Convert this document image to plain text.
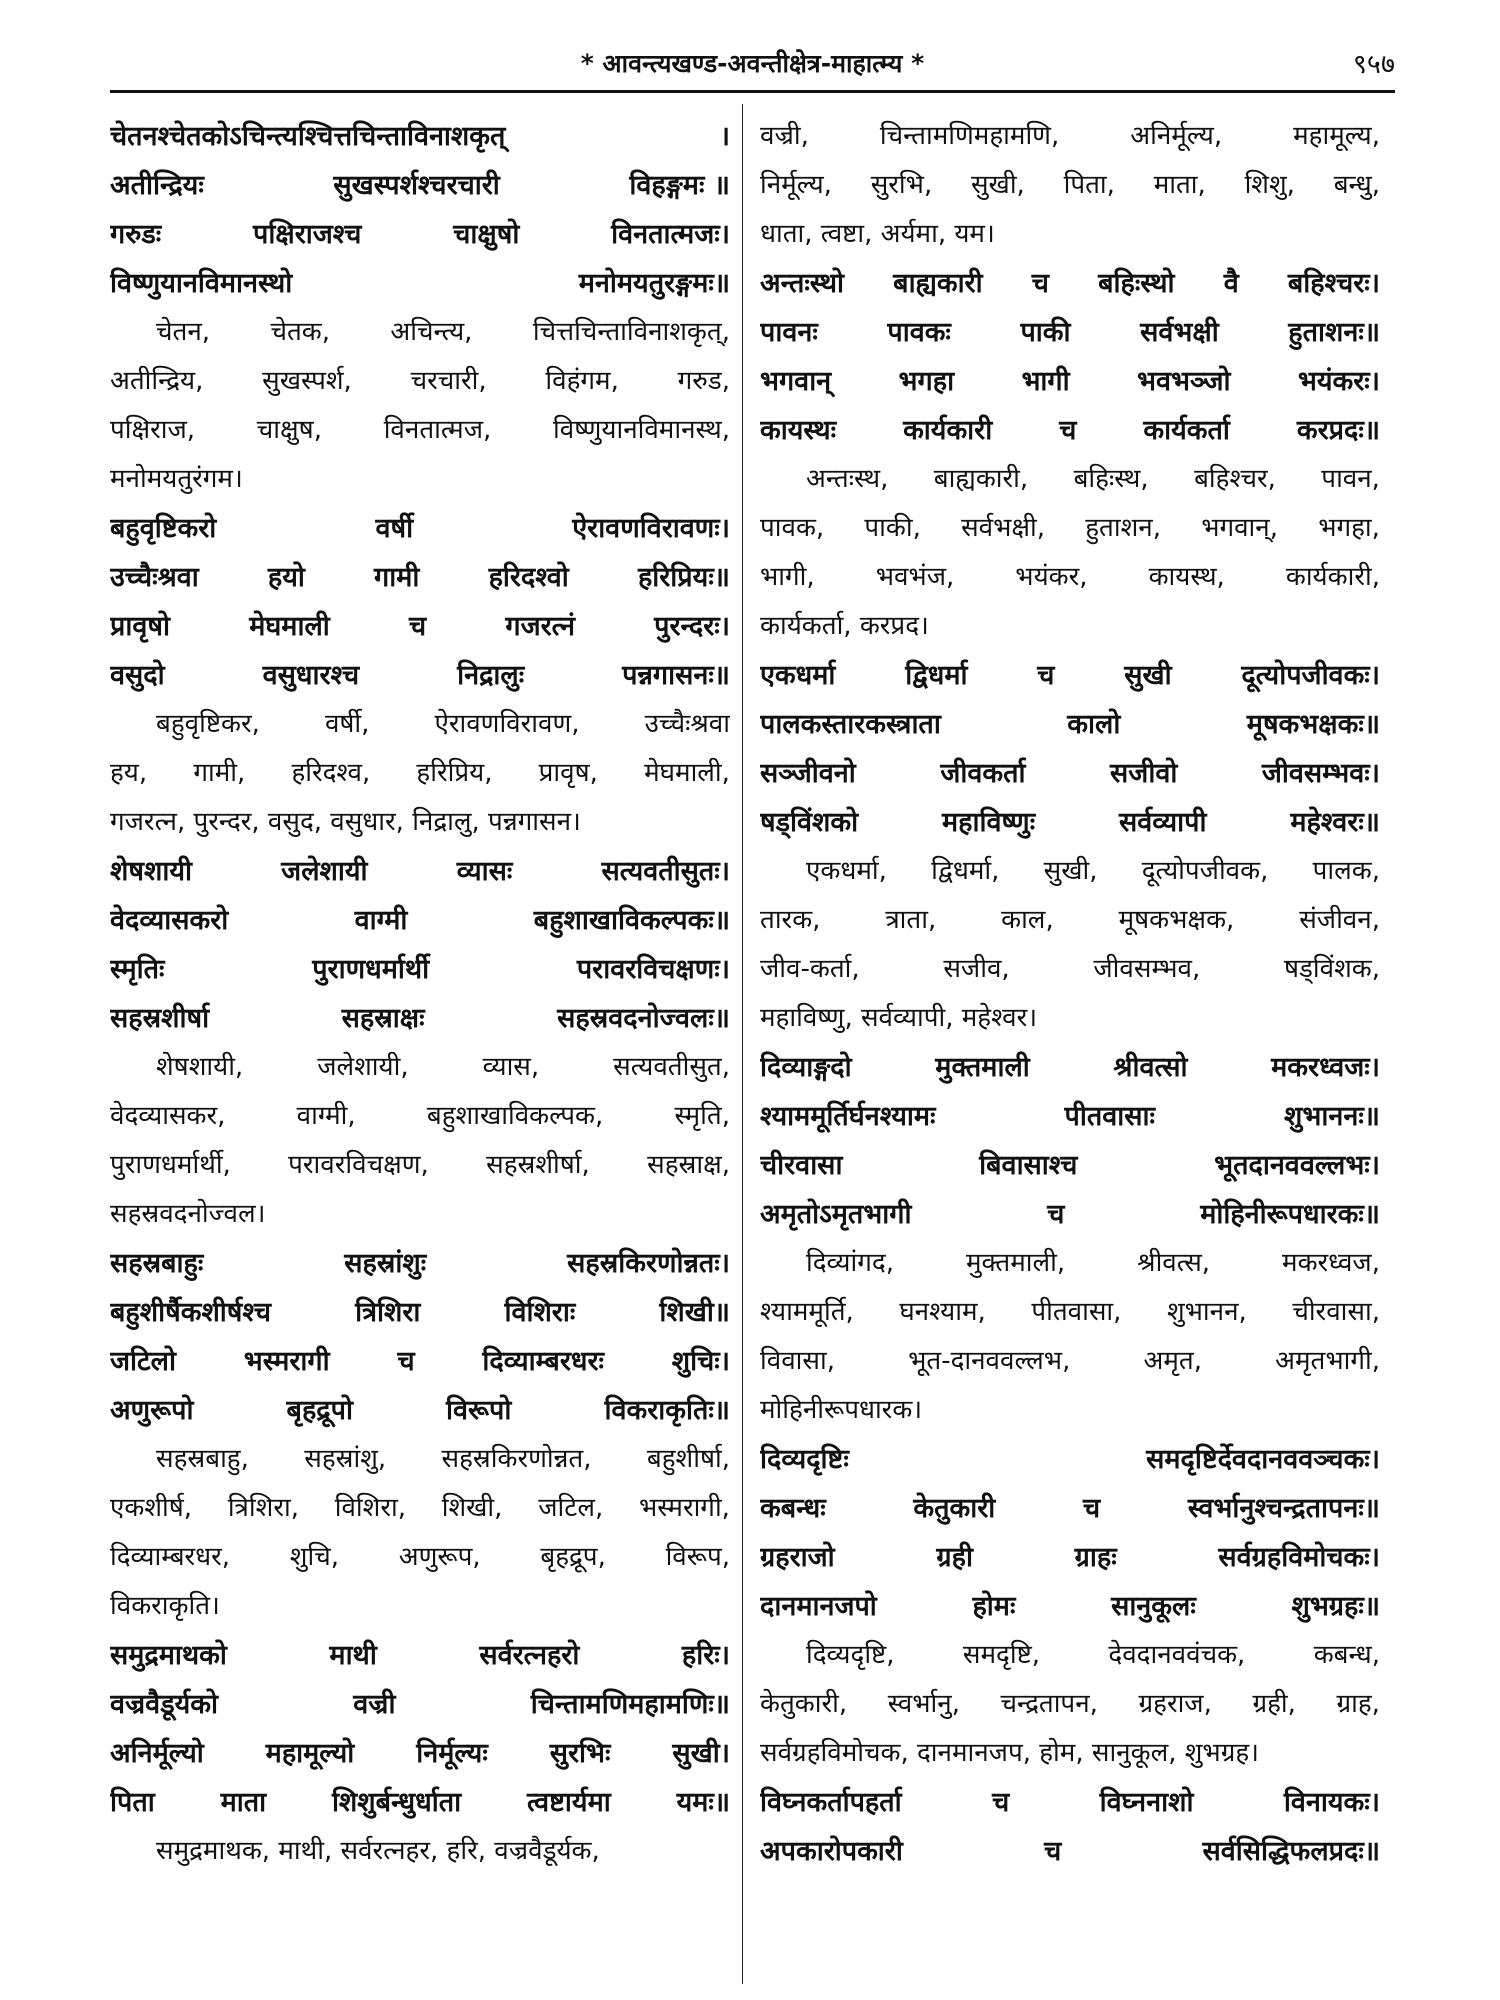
* आवन्त्यखण्ड-अवन्तीक्षेत्र-माहात्म्य *	९५७
चेतनश्चेतकोऽचिन्त्यश्चित्तचिन्ताविनाशकृत्	।
अतीन्द्रियः	सुखस्पर्शश्चरचारी	विहङ्गमः ॥
गरुडः	पक्षिराजश्च	चाक्षुषो	विनतात्मजः।
विष्णुयानविमानस्थो	मनोमयतुरङ्गमः॥
चेतन, चेतक, अचिन्त्य, चित्तचिन्ताविनाशकृत्,
अतीन्द्रिय, सुखस्पर्श, चरचारी, विहंगम, गरुड,
पक्षिराज, चाक्षुष, विनतात्मज, विष्णुयानविमानस्थ,
मनोमयतुरंगम।
बहुवृष्टिकरो	वर्षी	ऐरावणविरावणः।
उच्चैःश्रवा	हयो	गामी	हरिदश्वो	हरिप्रियः॥
प्रावृषो	मेघमाली	च	गजरत्नं	पुरन्दरः।
वसुदो	वसुधारश्च	निद्रालुः	पन्नगासनः॥
बहुवृष्टिकर,	वर्षी,	ऐरावणविरावण,	उच्चैःश्रवा
हय, गामी, हरिदश्व, हरिप्रिय, प्रावृष, मेघमाली,
गजरत्न, पुरन्दर, वसुद, वसुधार, निद्रालु, पन्नगासन।
शेषशायी	जलेशायी	व्यासः	सत्यवतीसुतः।
वेदव्यासकरो	वाग्मी	बहुशाखाविकल्पकः॥
स्मृतिः	पुराणधर्मार्थी	परावरविचक्षणः।
सहस्रशीर्षा	सहस्राक्षः	सहस्रवदनोज्वलः॥
शेषशायी,	जलेशायी,	व्यास,	सत्यवतीसुत,
वेदव्यासकर,	वाग्मी,	बहुशाखाविकल्पक,	स्मृति,
पुराणधर्मार्थी, परावरविचक्षण, सहस्रशीर्षा, सहस्राक्ष,
सहस्रवदनोज्वल।
सहस्रबाहुः	सहस्रांशुः	सहस्रकिरणोन्नतः।
बहुशीर्षैकशीर्षश्च	त्रिशिरा	विशिराः	शिखी॥
जटिलो	भस्मरागी	च	दिव्याम्बरधरः	शुचिः।
अणुरूपो	बृहद्रूपो	विरूपो	विकराकृतिः॥
सहस्रबाहु, सहस्रांशु, सहस्रकिरणोन्नत, बहुशीर्षा,
एकशीर्ष, त्रिशिरा, विशिरा, शिखी, जटिल, भस्मरागी,
दिव्याम्बरधर, शुचि, अणुरूप, बृहद्रूप, विरूप,
विकराकृति।
समुद्रमाथको	माथी	सर्वरत्नहरो	हरिः।
वज्रवैडूर्यको	वज्री	चिन्तामणिमहामणिः॥
अनिर्मूल्यो महामूल्यो निर्मूल्यः सुरभिः सुखी।
पिता माता शिशुर्बन्धुर्धाता त्वष्टार्यमा यमः॥
समुद्रमाथक, माथी, सर्वरत्नहर, हरि, वज्रवैडूर्यक,
वज्री,	चिन्तामणिमहामणि,	अनिर्मूल्य,	महामूल्य,
निर्मूल्य, सुरभि, सुखी, पिता, माता, शिशु, बन्धु,
धाता, त्वष्टा, अर्यमा, यम।
अन्तःस्थो बाह्यकारी च बहिःस्थो वै बहिश्चरः।
पावनः	पावकः	पाकी	सर्वभक्षी	हुताशनः॥
भगवान् भगहा भागी भवभञ्जो भयंकरः।
कायस्थः कार्यकारी च कार्यकर्ता करप्रदः॥
अन्तःस्थ, बाह्यकारी, बहिःस्थ, बहिश्चर, पावन,
पावक, पाकी, सर्वभक्षी, हुताशन, भगवान्, भगहा,
भागी, भवभंज, भयंकर, कायस्थ, कार्यकारी,
कार्यकर्ता, करप्रद।
एकधर्मा	द्विधर्मा	च	सुखी	दूत्योपजीवकः।
पालकस्तारकस्त्राता	कालो	मूषकभक्षकः॥
सञ्जीवनो	जीवकर्ता	सजीवो	जीवसम्भवः।
षड्विंशको	महाविष्णुः	सर्वव्यापी	महेश्वरः॥
एकधर्मा, द्विधर्मा, सुखी, दूत्योपजीवक, पालक,
तारक, त्राता, काल, मूषकभक्षक, संजीवन,
जीव-कर्ता,	सजीव,	जीवसम्भव,	षड्विंशक,
महाविष्णु, सर्वव्यापी, महेश्वर।
दिव्याङ्गदो	मुक्तमाली	श्रीवत्सो	मकरध्वजः।
श्याममूर्तिर्घनश्यामः	पीतवासाः	शुभाननः॥
चीरवासा	बिवासाश्च	भूतदानववल्लभः।
अमृतोऽमृतभागी	च	मोहिनीरूपधारकः॥
दिव्यांगद,	मुक्तमाली,	श्रीवत्स,	मकरध्वज,
श्याममूर्ति, घनश्याम, पीतवासा, शुभानन, चीरवासा,
विवासा,	भूत-दानववल्लभ,	अमृत,	अमृतभागी,
मोहिनीरूपधारक।
दिव्यदृष्टिः	समदृष्टिर्देवदानववञ्चकः।
कबन्धः	केतुकारी	च	स्वर्भानुश्चन्द्रतापनः॥
ग्रहराजो	ग्रही	ग्राहः	सर्वग्रहविमोचकः।
दानमानजपो	होमः	सानुकूलः	शुभग्रहः॥
दिव्यदृष्टि,	समदृष्टि,	देवदानववंचक,	कबन्ध,
केतुकारी, स्वर्भानु, चन्द्रतापन, ग्रहराज, ग्रही, ग्राह,
सर्वग्रहविमोचक, दानमानजप, होम, सानुकूल, शुभग्रह।
विघ्नकर्तापहर्ता	च	विघ्ननाशो	विनायकः।
अपकारोपकारी	च	सर्वसिद्धिफलप्रदः॥
